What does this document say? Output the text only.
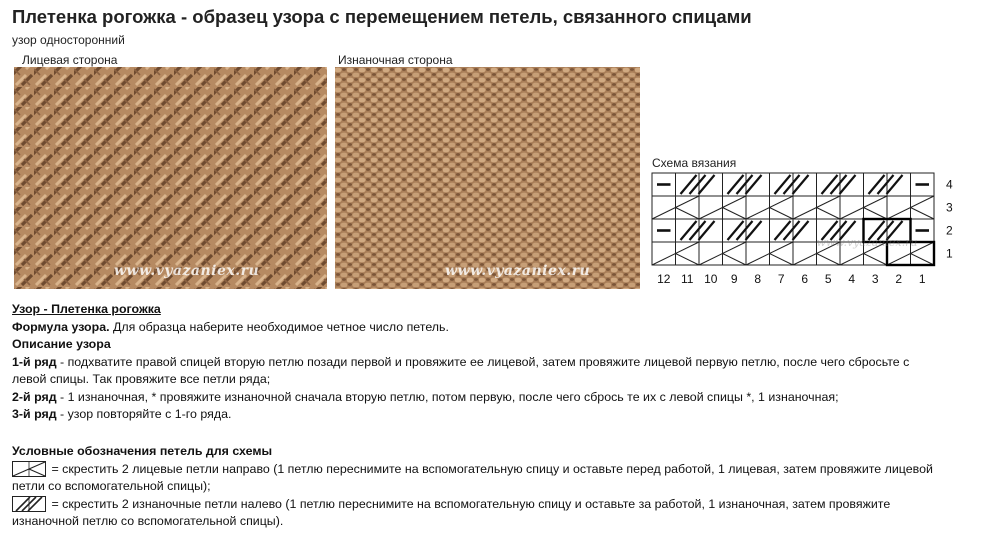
Плетенка рогожка - образец узора с перемещением петель, связанного спицами
узор односторонний
Лицевая сторона
www.vyazaniex.ru
Изнаночная сторона
www.vyazaniex.ru
Схема вязания
www.vyazaniex.ru
4
3
2
1
12 11 10 9 8 7 6 5 4 3 2 1
Узор - Плетенка рогожка
Формула узора. Для образца наберите необходимое четное число петель.
Описание узора
1-й ряд - подхватите правой спицей вторую петлю позади первой и провяжите ее лицевой, затем провяжите лицевой первую петлю, после чего сбросьте с
левой спицы. Так провяжите все петли ряда;
2-й ряд - 1 изнаночная, * провяжите изнаночной сначала вторую петлю, потом первую, после чего сбрось те их с левой спицы *, 1 изнаночная;
3-й ряд - узор повторяйте с 1-го ряда.
Условные обозначения петель для схемы
= скрестить 2 лицевые петли направо (1 петлю переснимите на вспомогательную спицу и оставьте перед работой, 1 лицевая, затем провяжите лицевой
петли со вспомогательной спицы);
= скрестить 2 изнаночные петли налево (1 петлю переснимите на вспомогательную спицу и оставьте за работой, 1 изнаночная, затем провяжите
изнаночной петлю со вспомогательной спицы).
